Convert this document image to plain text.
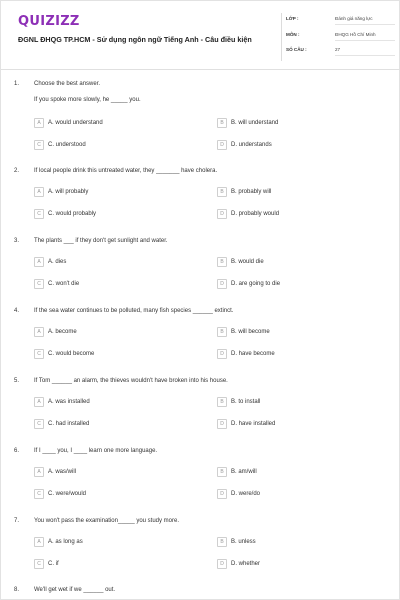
QUIZIZZ
ĐGNL ĐHQG TP.HCM - Sử dụng ngôn ngữ Tiếng Anh - Câu điều kiện
LỚP :	Đánh giá năng lực
MÔN :	ĐHQG Hồ Chí Minh
SỐ CÂU :	27
1. Choose the best answer.
If you spoke more slowly, he _____ you.
A	A. would understand	B	B. will understand
C	C. understood	D	D. understands
2. If local people drink this untreated water, they _______ have cholera.
A	A. will probably	B	B. probably will
C	C. would probably	D	D. probably would
3. The plants ___ if they don't get sunlight and water.
A	A. dies	B	B. would die
C	C. won't die	D	D. are going to die
4. If the sea water continues to be polluted, many fish species ______ extinct.
A	A. become	B	B. will become
C	C. would become	D	D. have become
5. If Tom ______ an alarm, the thieves wouldn't have broken into his house.
A	A. was installed	B	B. to install
C	C. had installed	D	D. have installed
6. If I ____ you, I ____ learn one more language.
A	A. was/will	B	B. am/will
C	C. were/would	D	D. were/do
7. You won't pass the examination_____ you study more.
A	A. as long as	B	B. unless
C	C. if	D	D. whether
8. We'll get wet if we ______ out.
